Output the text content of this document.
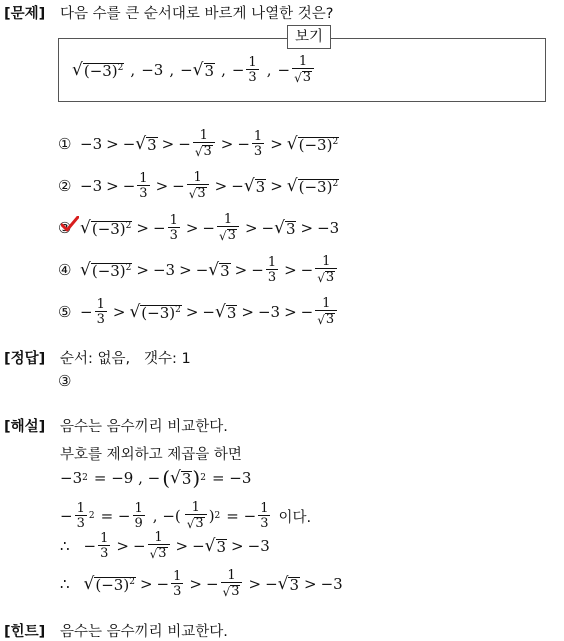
[문제] 다음 수를 큰 순서대로 바르게 나열한 것은?
보기
√ $(-3)^2$ , −3 , − √ 3 , − $\frac{1}{3}$ , − $\frac{1}{√ 3}$
① −3 > − √ 3 > − $\frac{1}{√ 3}$ > − $\frac{1}{3}$ > √ $(-3)^2$
② −3 > − $\frac{1}{3}$ > − $\frac{1}{√ 3}$ > − √ 3 > √ $(-3)^2$
③ √ $(-3)^2$ > − $\frac{1}{3}$ > − $\frac{1}{√ 3}$ > − √ 3 > −3
④ √ $(-3)^2 > -3$ > − √ 3 > − $\frac{1}{3}$ > − $\frac{1}{√ 3}$
⑤ − $\frac{1}{3}$ > √ $(-3)^2$ > − √ 3 > −3 > − $\frac{1}{√ 3}$
[정답] 순서: 없음,   갯수: 1
③
[해설] 음수는 음수끼리 비교한다.
부호를 제외하고 제곱을 하면
−3 2 = −9 , − ( √ 3 ) 2 = −3
− $\frac{1}{3} 2$ = − $\frac{1}{9}$ , −( $\frac{1}{√ 3}$ ) 2 = − $\frac{1}{3}$ 이다.
∴ − $\frac{1}{3}$ > − $\frac{1}{√ 3}$ > − √ 3 > −3
∴ √ $(-3)^2$ > − $\frac{1}{3}$ > − $\frac{1}{√ 3}$ > − √ 3 > −3
[힌트] 음수는 음수끼리 비교한다.
